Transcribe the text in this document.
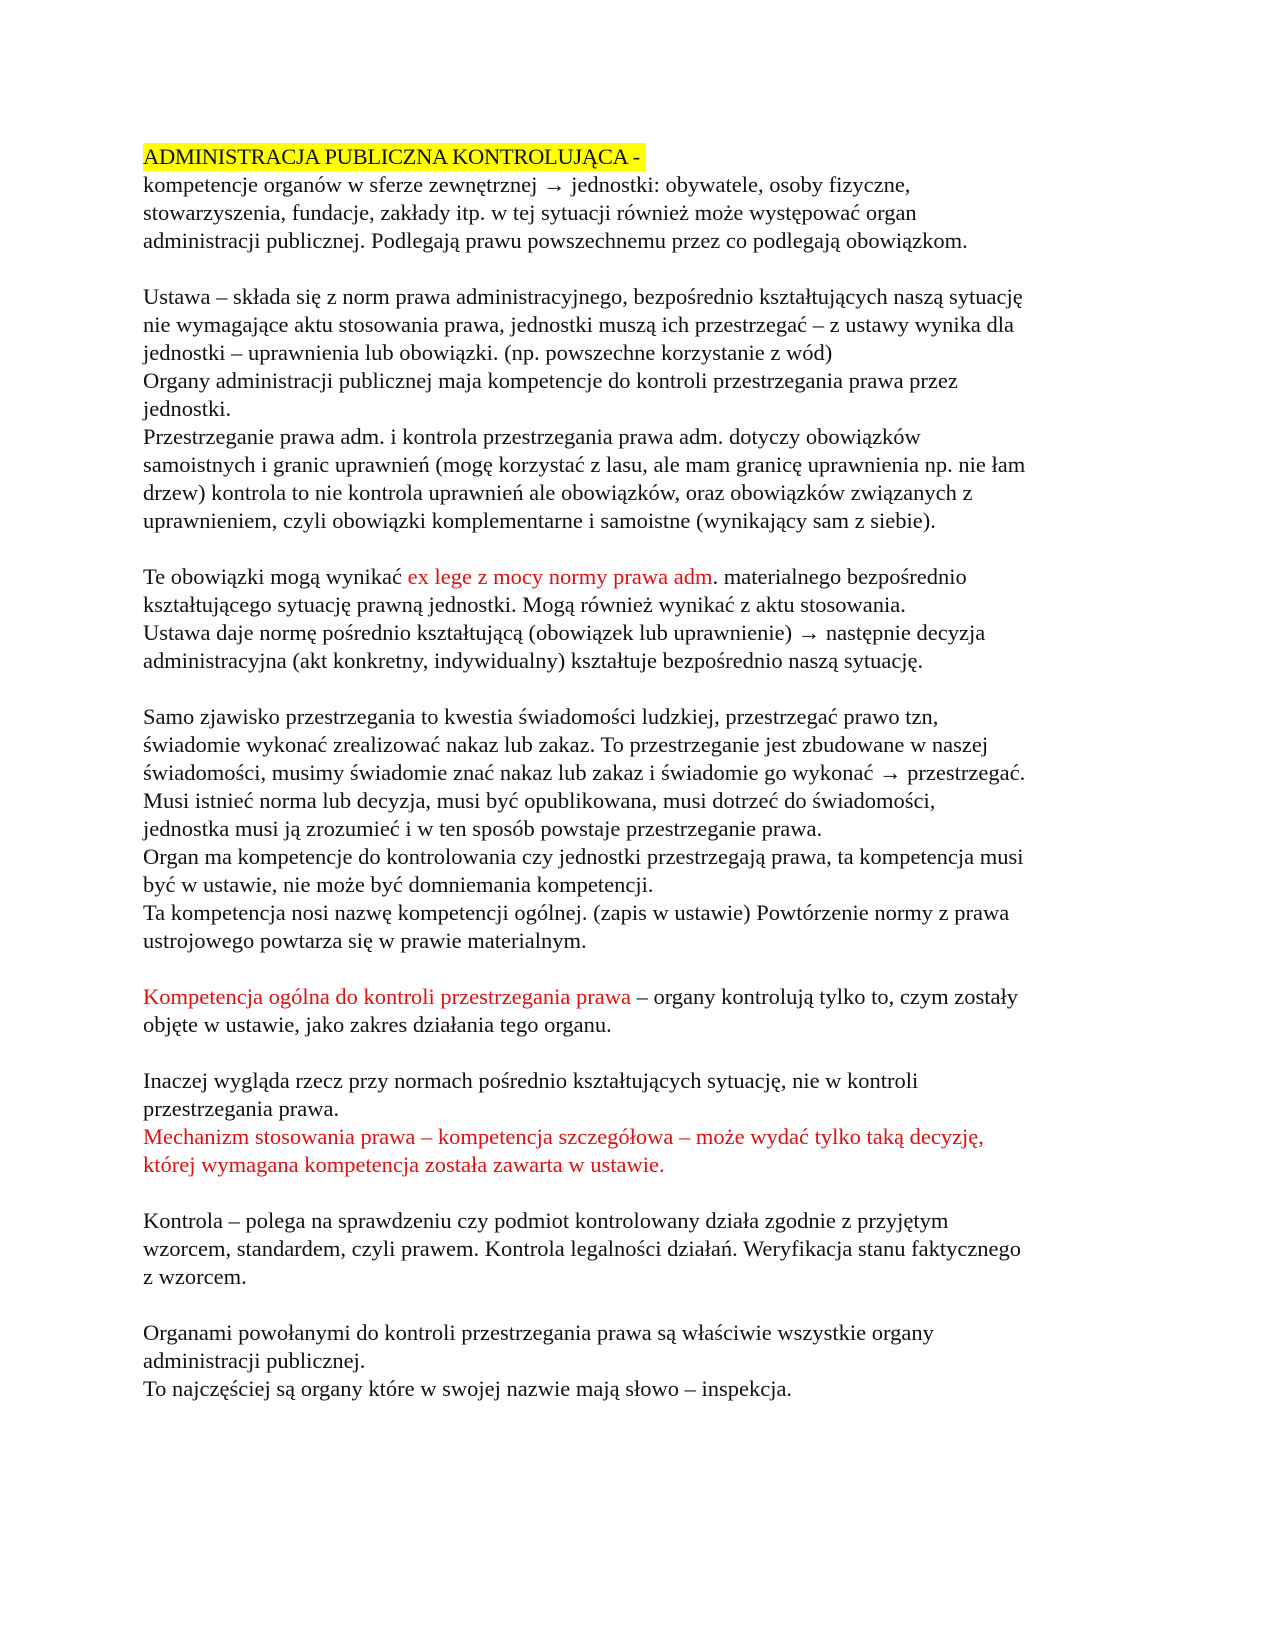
ADMINISTRACJA PUBLICZNA KONTROLUJĄCA -

kompetencje organów w sferze zewnętrznej → jednostki: obywatele, osoby fizyczne,

stowarzyszenia, fundacje, zakłady itp. w tej sytuacji również może występować organ

administracji publicznej. Podlegają prawu powszechnemu przez co podlegają obowiązkom.

Ustawa – składa się z norm prawa administracyjnego, bezpośrednio kształtujących naszą sytuację

nie wymagające aktu stosowania prawa, jednostki muszą ich przestrzegać – z ustawy wynika dla

jednostki – uprawnienia lub obowiązki. (np. powszechne korzystanie z wód)

Organy administracji publicznej maja kompetencje do kontroli przestrzegania prawa przez

jednostki.

Przestrzeganie prawa adm. i kontrola przestrzegania prawa adm. dotyczy obowiązków

samoistnych i granic uprawnień (mogę korzystać z lasu, ale mam granicę uprawnienia np. nie łam

drzew) kontrola to nie kontrola uprawnień ale obowiązków, oraz obowiązków związanych z

uprawnieniem, czyli obowiązki komplementarne i samoistne (wynikający sam z siebie).

Te obowiązki mogą wynikać ex lege z mocy normy prawa adm. materialnego bezpośrednio

kształtującego sytuację prawną jednostki. Mogą również wynikać z aktu stosowania.

Ustawa daje normę pośrednio kształtującą (obowiązek lub uprawnienie) → następnie decyzja

administracyjna (akt konkretny, indywidualny) kształtuje bezpośrednio naszą sytuację.

Samo zjawisko przestrzegania to kwestia świadomości ludzkiej, przestrzegać prawo tzn,

świadomie wykonać zrealizować nakaz lub zakaz. To przestrzeganie jest zbudowane w naszej

świadomości, musimy świadomie znać nakaz lub zakaz i świadomie go wykonać → przestrzegać.

Musi istnieć norma lub decyzja, musi być opublikowana, musi dotrzeć do świadomości,

jednostka musi ją zrozumieć i w ten sposób powstaje przestrzeganie prawa.

Organ ma kompetencje do kontrolowania czy jednostki przestrzegają prawa, ta kompetencja musi

być w ustawie, nie może być domniemania kompetencji.

Ta kompetencja nosi nazwę kompetencji ogólnej. (zapis w ustawie) Powtórzenie normy z prawa

ustrojowego powtarza się w prawie materialnym.

Kompetencja ogólna do kontroli przestrzegania prawa – organy kontrolują tylko to, czym zostały

objęte w ustawie, jako zakres działania tego organu.

Inaczej wygląda rzecz przy normach pośrednio kształtujących sytuację, nie w kontroli

przestrzegania prawa.

Mechanizm stosowania prawa – kompetencja szczegółowa – może wydać tylko taką decyzję,

której wymagana kompetencja została zawarta w ustawie.

Kontrola – polega na sprawdzeniu czy podmiot kontrolowany działa zgodnie z przyjętym

wzorcem, standardem, czyli prawem. Kontrola legalności działań. Weryfikacja stanu faktycznego

z wzorcem.

Organami powołanymi do kontroli przestrzegania prawa są właściwie wszystkie organy

administracji publicznej.

To najczęściej są organy które w swojej nazwie mają słowo – inspekcja.
